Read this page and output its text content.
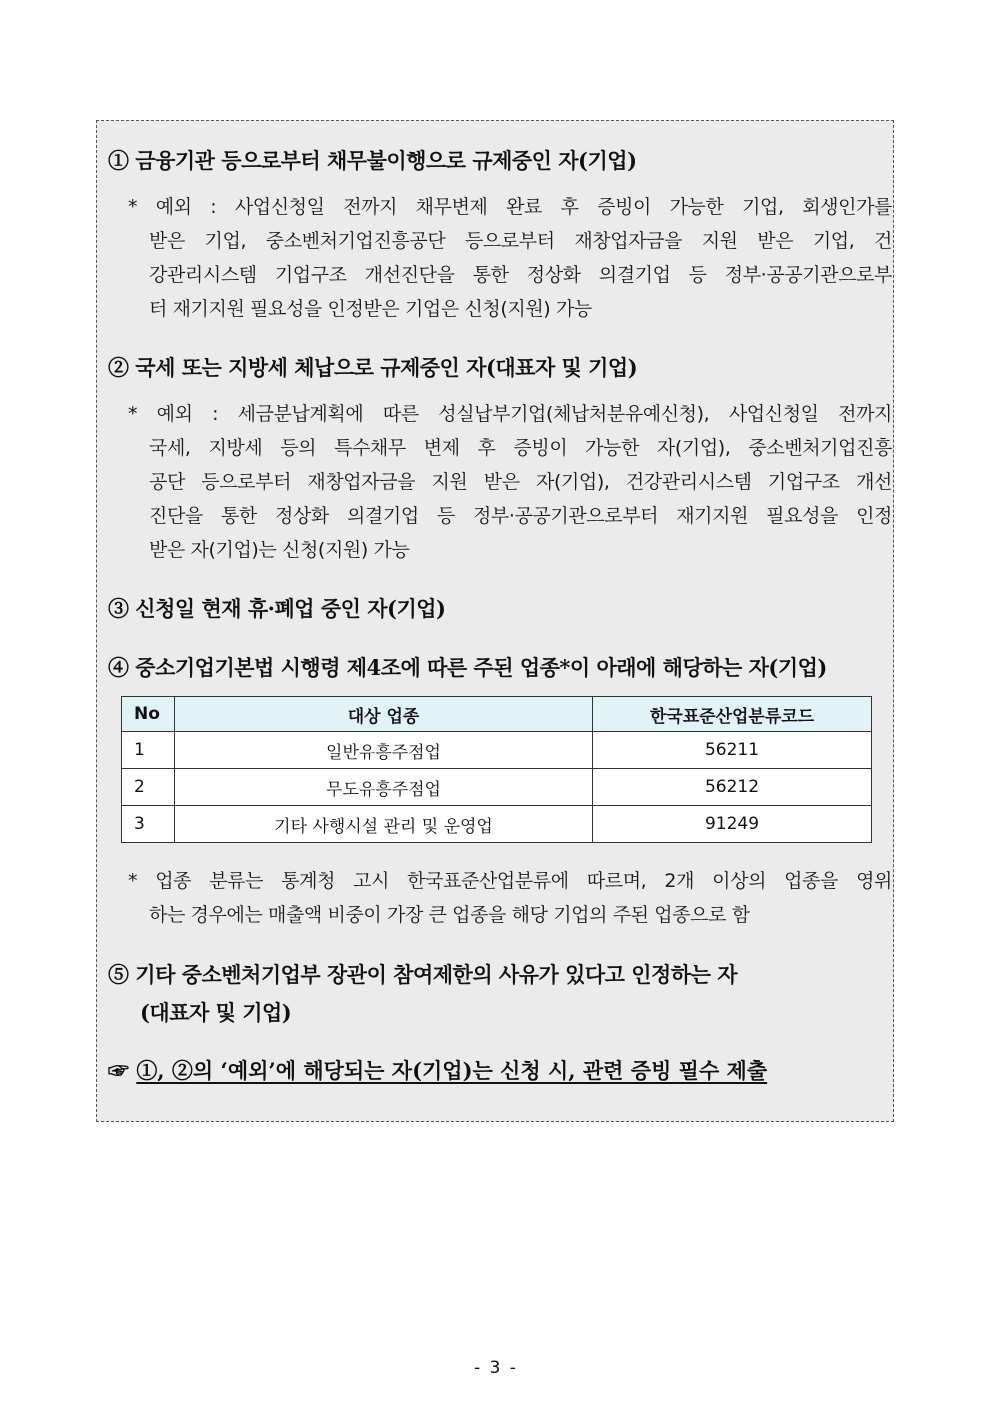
① 금융기관 등으로부터 채무불이행으로 규제중인 자(기업)
* 예외 : 사업신청일 전까지 채무변제 완료 후 증빙이 가능한 기업, 회생인가를
받은 기업, 중소벤처기업진흥공단 등으로부터 재창업자금을 지원 받은 기업, 건
강관리시스템 기업구조 개선진단을 통한 정상화 의결기업 등 정부·공공기관으로부
터 재기지원 필요성을 인정받은 기업은 신청(지원) 가능
② 국세 또는 지방세 체납으로 규제중인 자(대표자 및 기업)
* 예외 : 세금분납계획에 따른 성실납부기업(체납처분유예신청), 사업신청일 전까지
국세, 지방세 등의 특수채무 변제 후 증빙이 가능한 자(기업), 중소벤처기업진흥
공단 등으로부터 재창업자금을 지원 받은 자(기업), 건강관리시스템 기업구조 개선
진단을 통한 정상화 의결기업 등 정부·공공기관으로부터 재기지원 필요성을 인정
받은 자(기업)는 신청(지원) 가능
③ 신청일 현재 휴·폐업 중인 자(기업)
④ 중소기업기본법 시행령 제4조에 따른 주된 업종*이 아래에 해당하는 자(기업)
No	대상 업종	한국표준산업분류코드
1	일반유흥주점업	56211
2	무도유흥주점업	56212
3	기타 사행시설 관리 및 운영업	91249
* 업종 분류는 통계청 고시 한국표준산업분류에 따르며, 2개 이상의 업종을 영위
하는 경우에는 매출액 비중이 가장 큰 업종을 해당 기업의 주된 업종으로 함
⑤ 기타 중소벤처기업부 장관이 참여제한의 사유가 있다고 인정하는 자
(대표자 및 기업)
☞ ①, ②의 ‘예외’에 해당되는 자(기업)는 신청 시, 관련 증빙 필수 제출
- 3 -
